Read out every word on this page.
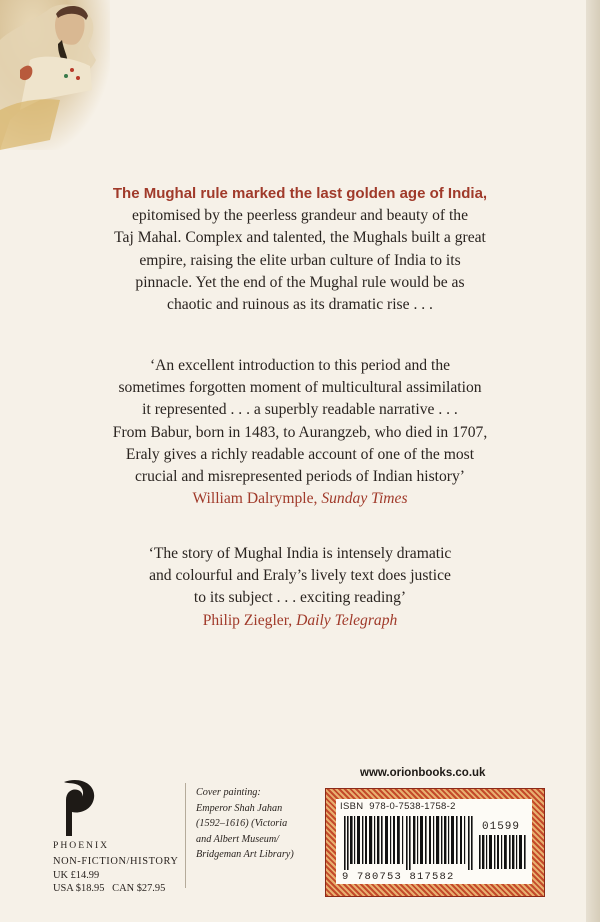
The Mughal rule marked the last golden age of India,
epitomised by the peerless grandeur and beauty of the
Taj Mahal. Complex and talented, the Mughals built a great
empire, raising the elite urban culture of India to its
pinnacle. Yet the end of the Mughal rule would be as
chaotic and ruinous as its dramatic rise . . .
‘An excellent introduction to this period and the
sometimes forgotten moment of multicultural assimilation
it represented . . . a superbly readable narrative . . .
From Babur, born in 1483, to Aurangzeb, who died in 1707,
Eraly gives a richly readable account of one of the most
crucial and misrepresented periods of Indian history’
William Dalrymple, Sunday Times
‘The story of Mughal India is intensely dramatic
and colourful and Eraly’s lively text does justice
to its subject . . . exciting reading’
Philip Ziegler, Daily Telegraph
PHOENIX
NON-FICTION/HISTORY
UK £14.99
USA $18.95   CAN $27.95
Cover painting:
Emperor Shah Jahan
(1592–1616) (Victoria
and Albert Museum/
Bridgeman Art Library)
www.orionbooks.co.uk
ISBN  978-0-7538-1758-2
01599
9 780753 817582
